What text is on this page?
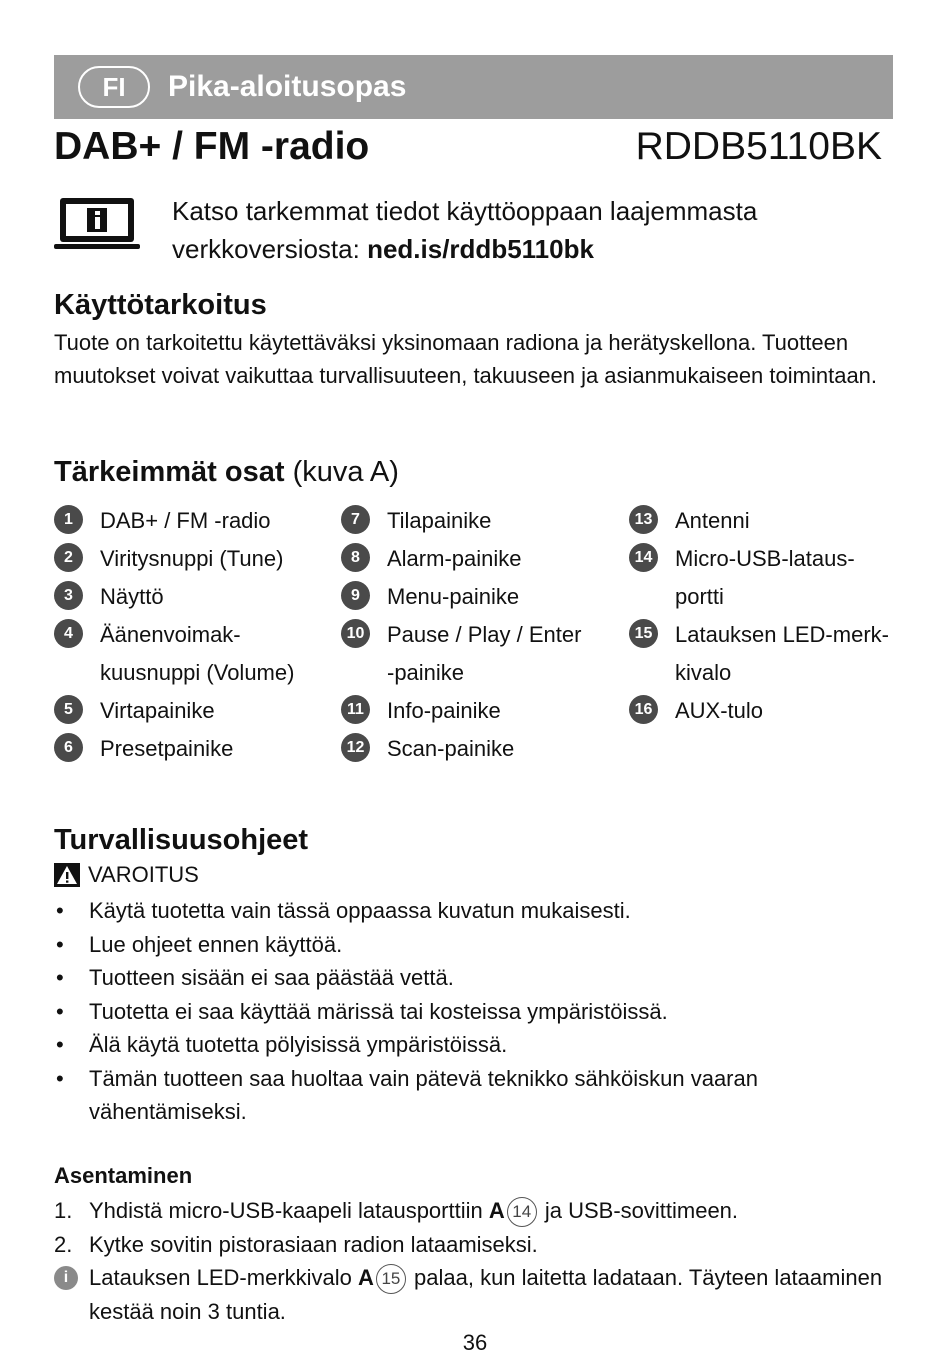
FI	Pika-aloitusopas
DAB+ / FM -radio	RDDB5110BK
Katso tarkemmat tiedot käyttöoppaan laajemmasta verkkoversiosta: ned.is/rddb5110bk
Käyttötarkoitus
Tuote on tarkoitettu käytettäväksi yksinomaan radiona ja herätyskellona. Tuotteen muutokset voivat vaikuttaa turvallisuuteen, takuuseen ja asianmukaiseen toimintaan.
Tärkeimmät osat (kuva A)
1	DAB+ / FM -radio
2	Viritysnuppi (Tune)
3	Näyttö
4	Äänenvoimak-
kuusnuppi (Volume)
5	Virtapainike
6	Presetpainike
7	Tilapainike
8	Alarm-painike
9	Menu-painike
10 Pause / Play / Enter
-painike
11 Info-painike
12 Scan-painike
13 Antenni
14 Micro-USB-lataus-
portti
15 Latauksen LED-merk-
kivalo
16 AUX-tulo
Turvallisuusohjeet
VAROITUS
• Käytä tuotetta vain tässä oppaassa kuvatun mukaisesti.
• Lue ohjeet ennen käyttöä.
• Tuotteen sisään ei saa päästää vettä.
• Tuotetta ei saa käyttää märissä tai kosteissa ympäristöissä.
• Älä käytä tuotetta pölyisissä ympäristöissä.
• Tämän tuotteen saa huoltaa vain pätevä teknikko sähköiskun vaaran vähentämiseksi.
Asentaminen
1. Yhdistä micro-USB-kaapeli latausporttiin A 14 ja USB-sovittimeen.
2. Kytke sovitin pistorasiaan radion lataamiseksi.
i Latauksen LED-merkkivalo A 15 palaa, kun laitetta ladataan. Täyteen lataaminen kestää noin 3 tuntia.
36
